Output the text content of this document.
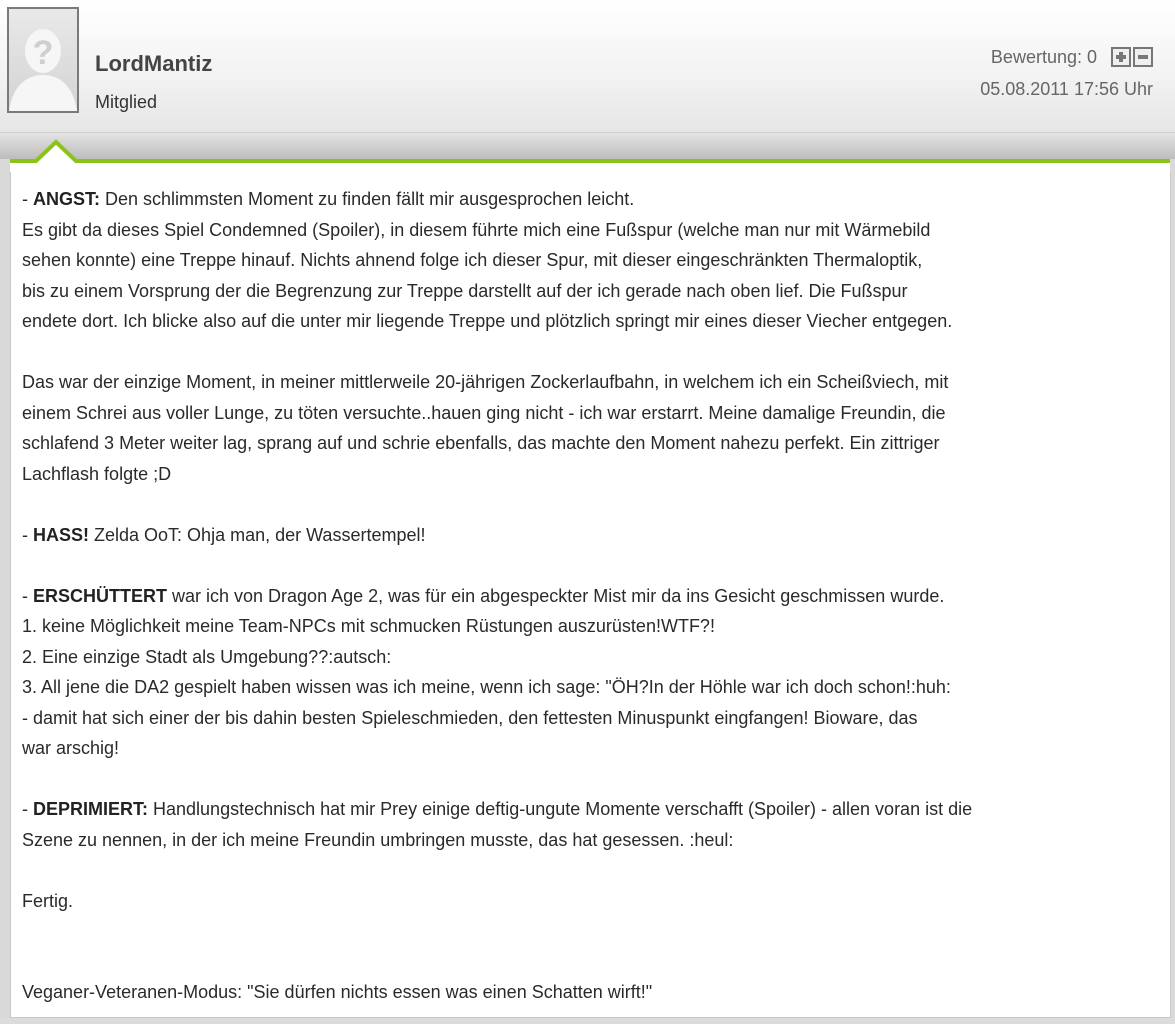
? LordMantiz
Mitglied
Bewertung: 0
05.08.2011 17:56 Uhr

- ANGST: Den schlimmsten Moment zu finden fällt mir ausgesprochen leicht.

Es gibt da dieses Spiel Condemned (Spoiler), in diesem führte mich eine Fußspur (welche man nur mit Wärmebild

sehen konnte) eine Treppe hinauf. Nichts ahnend folge ich dieser Spur, mit dieser eingeschränkten Thermaloptik,

bis zu einem Vorsprung der die Begrenzung zur Treppe darstellt auf der ich gerade nach oben lief. Die Fußspur

endete dort. Ich blicke also auf die unter mir liegende Treppe und plötzlich springt mir eines dieser Viecher entgegen.

Das war der einzige Moment, in meiner mittlerweile 20-jährigen Zockerlaufbahn, in welchem ich ein Scheißviech, mit

einem Schrei aus voller Lunge, zu töten versuchte..hauen ging nicht - ich war erstarrt. Meine damalige Freundin, die

schlafend 3 Meter weiter lag, sprang auf und schrie ebenfalls, das machte den Moment nahezu perfekt. Ein zittriger

Lachflash folgte ;D

- HASS! Zelda OoT: Ohja man, der Wassertempel!

- ERSCHÜTTERT war ich von Dragon Age 2, was für ein abgespeckter Mist mir da ins Gesicht geschmissen wurde.

1. keine Möglichkeit meine Team-NPCs mit schmucken Rüstungen auszurüsten!WTF?!

2. Eine einzige Stadt als Umgebung??:autsch:

3. All jene die DA2 gespielt haben wissen was ich meine, wenn ich sage: "ÖH?In der Höhle war ich doch schon!:huh:

- damit hat sich einer der bis dahin besten Spieleschmieden, den fettesten Minuspunkt eingfangen! Bioware, das

war arschig!

- DEPRIMIERT: Handlungstechnisch hat mir Prey einige deftig-ungute Momente verschafft (Spoiler) - allen voran ist die

Szene zu nennen, in der ich meine Freundin umbringen musste, das hat gesessen. :heul:

Fertig.

Veganer-Veteranen-Modus: "Sie dürfen nichts essen was einen Schatten wirft!"
